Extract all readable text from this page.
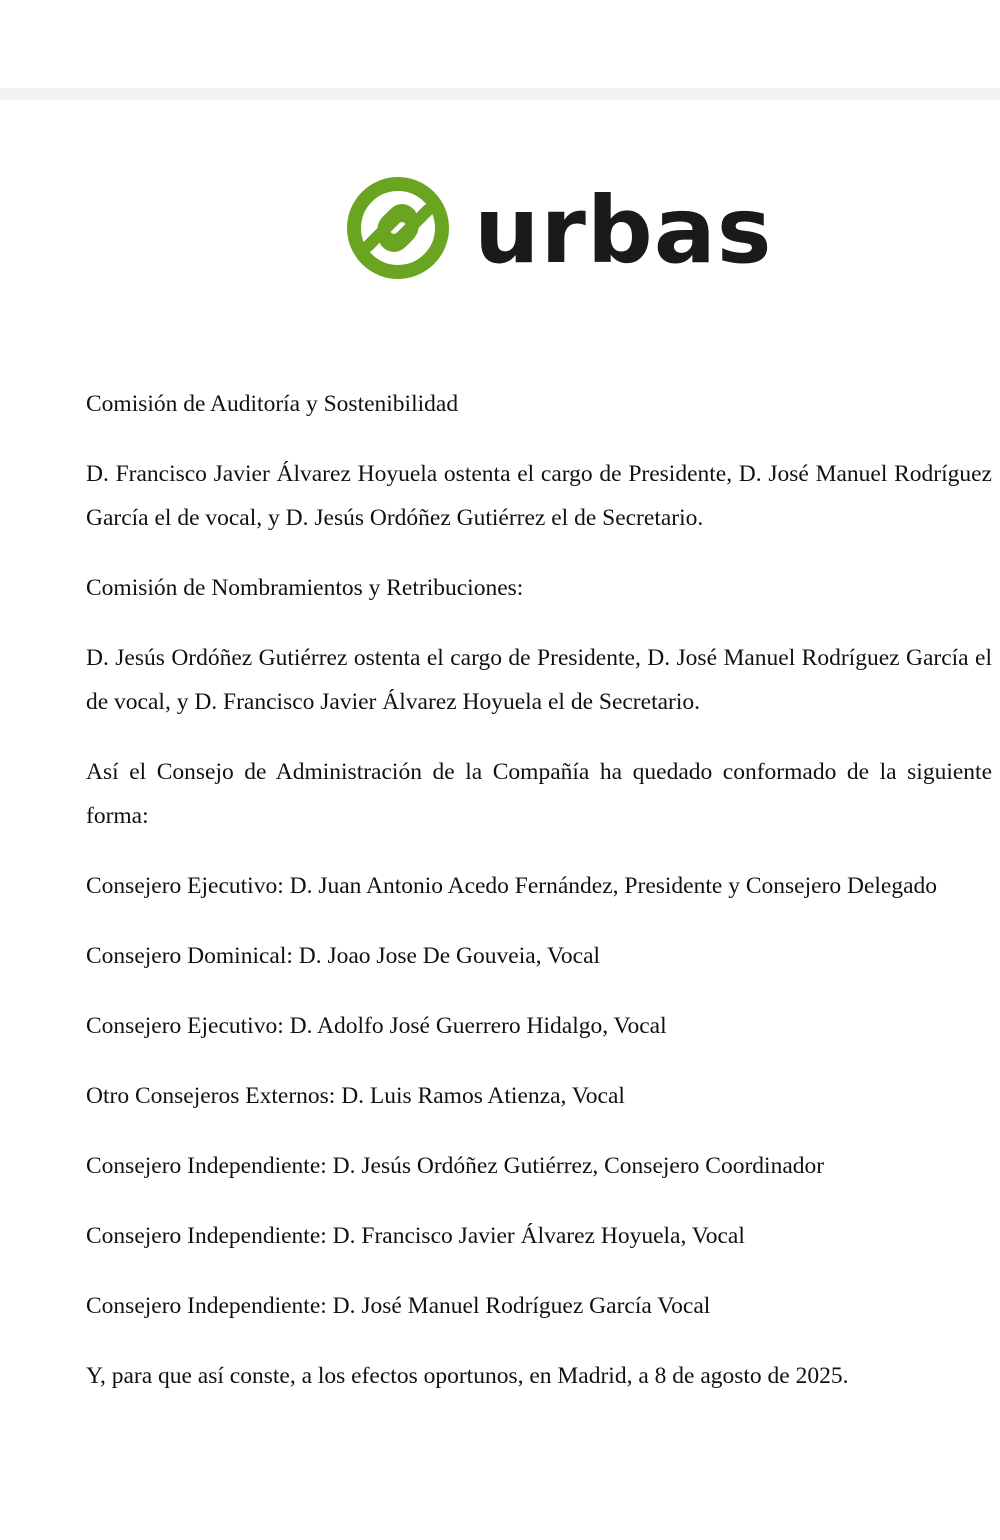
urbas

Comisión de Auditoría y Sostenibilidad

D. Francisco Javier Álvarez Hoyuela ostenta el cargo de Presidente, D. José Manuel Rodríguez García el de vocal, y D. Jesús Ordóñez Gutiérrez el de Secretario.

Comisión de Nombramientos y Retribuciones:

D. Jesús Ordóñez Gutiérrez ostenta el cargo de Presidente, D. José Manuel Rodríguez García el de vocal, y D. Francisco Javier Álvarez Hoyuela el de Secretario.

Así el Consejo de Administración de la Compañía ha quedado conformado de la siguiente forma:

Consejero Ejecutivo: D. Juan Antonio Acedo Fernández, Presidente y Consejero Delegado

Consejero Dominical: D. Joao Jose De Gouveia, Vocal

Consejero Ejecutivo: D. Adolfo José Guerrero Hidalgo, Vocal

Otro Consejeros Externos: D. Luis Ramos Atienza, Vocal

Consejero Independiente: D. Jesús Ordóñez Gutiérrez, Consejero Coordinador

Consejero Independiente: D. Francisco Javier Álvarez Hoyuela, Vocal

Consejero Independiente: D. José Manuel Rodríguez García Vocal

Y, para que así conste, a los efectos oportunos, en Madrid, a 8 de agosto de 2025.
